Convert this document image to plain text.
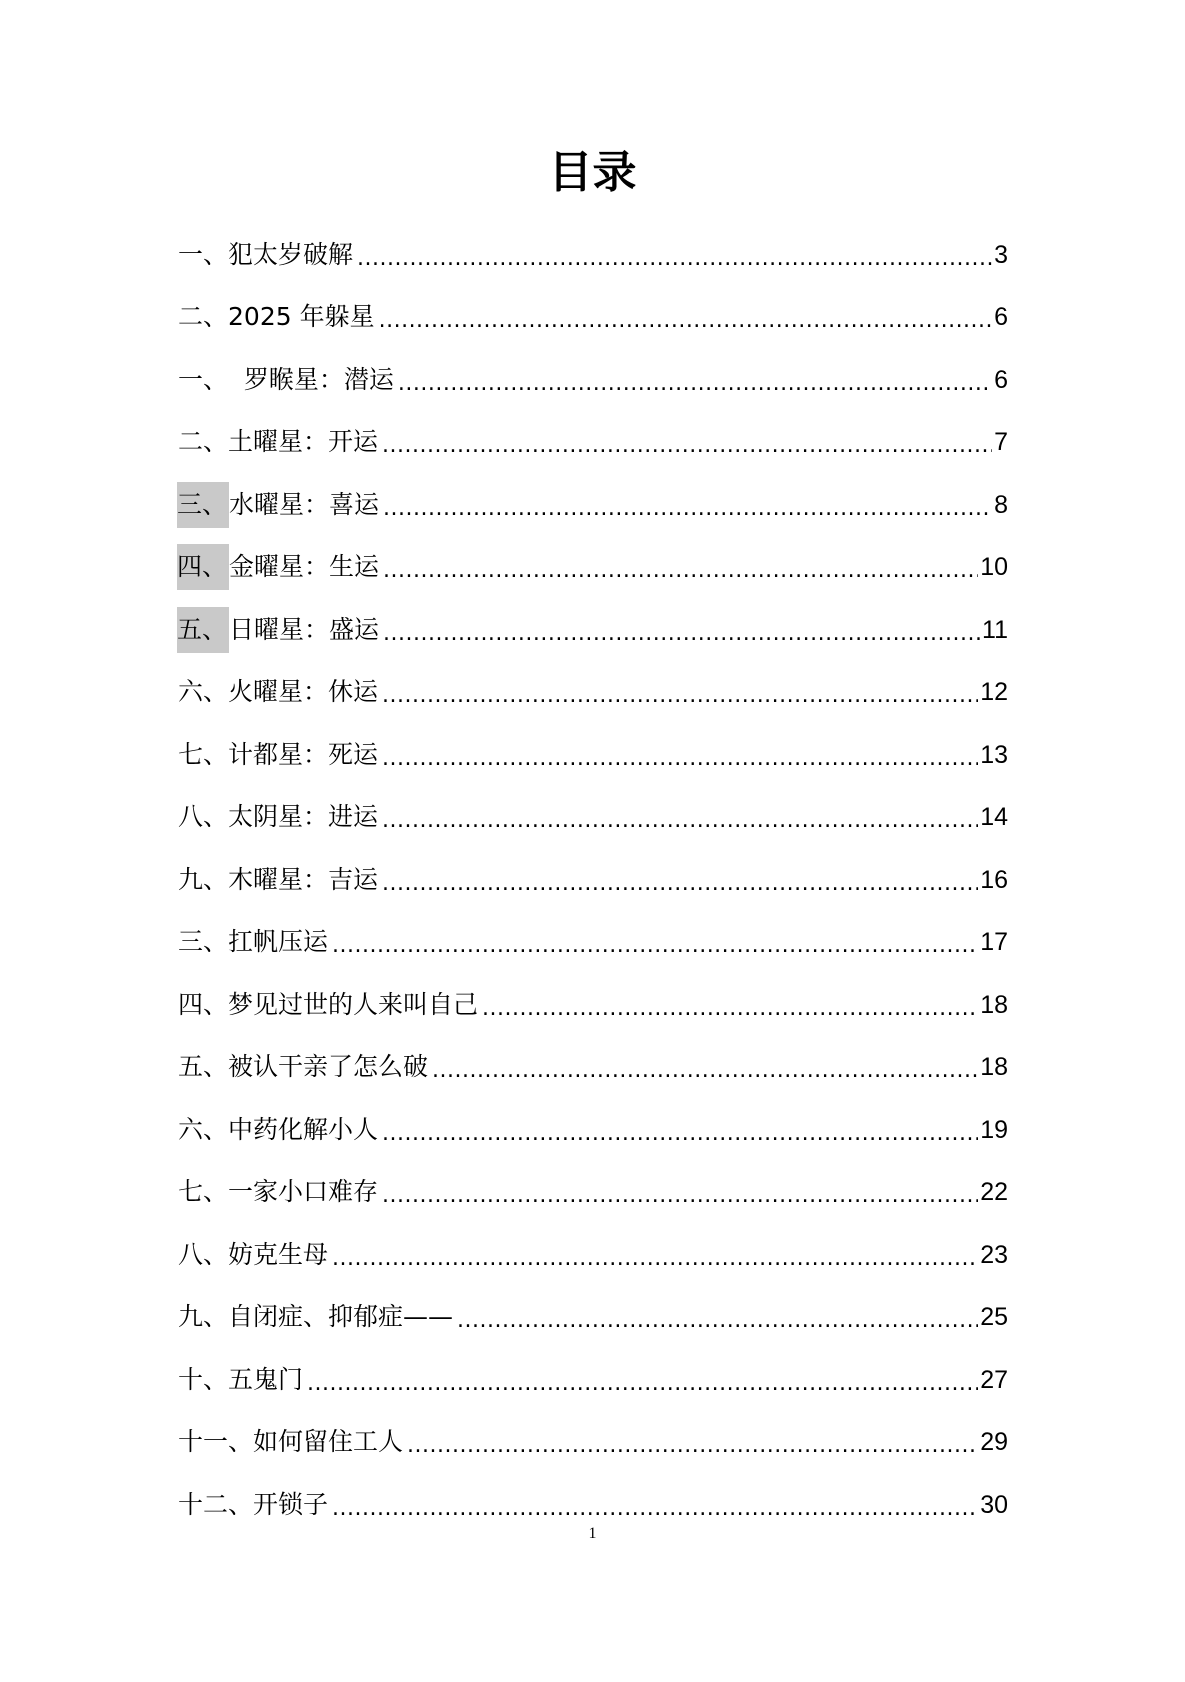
目录
一、 犯太岁破解 .....	3
二、 2025 年躲星 .....	6
一、 罗睺星：潜运 .....	6
二、 土曜星：开运 .....	7
三、 水曜星：喜运 .....	8
四、 金曜星：生运 .....	10
五、 日曜星：盛运 .....	11
六、 火曜星：休运 .....	12
七、 计都星：死运 .....	13
八、 太阴星：进运 .....	14
九、 木曜星：吉运 .....	16
三、 扛帆压运 .....	17
四、 梦见过世的人来叫自己 .....	18
五、 被认干亲了怎么破 .....	18
六、 中药化解小人 .....	19
七、 一家小口难存 .....	22
八、 妨克生母 .....	23
九、 自闭症、抑郁症—— .....	25
十、 五鬼门 .....	27
十一、 如何留住工人 .....	29
十二、 开锁子 .....	30
1
